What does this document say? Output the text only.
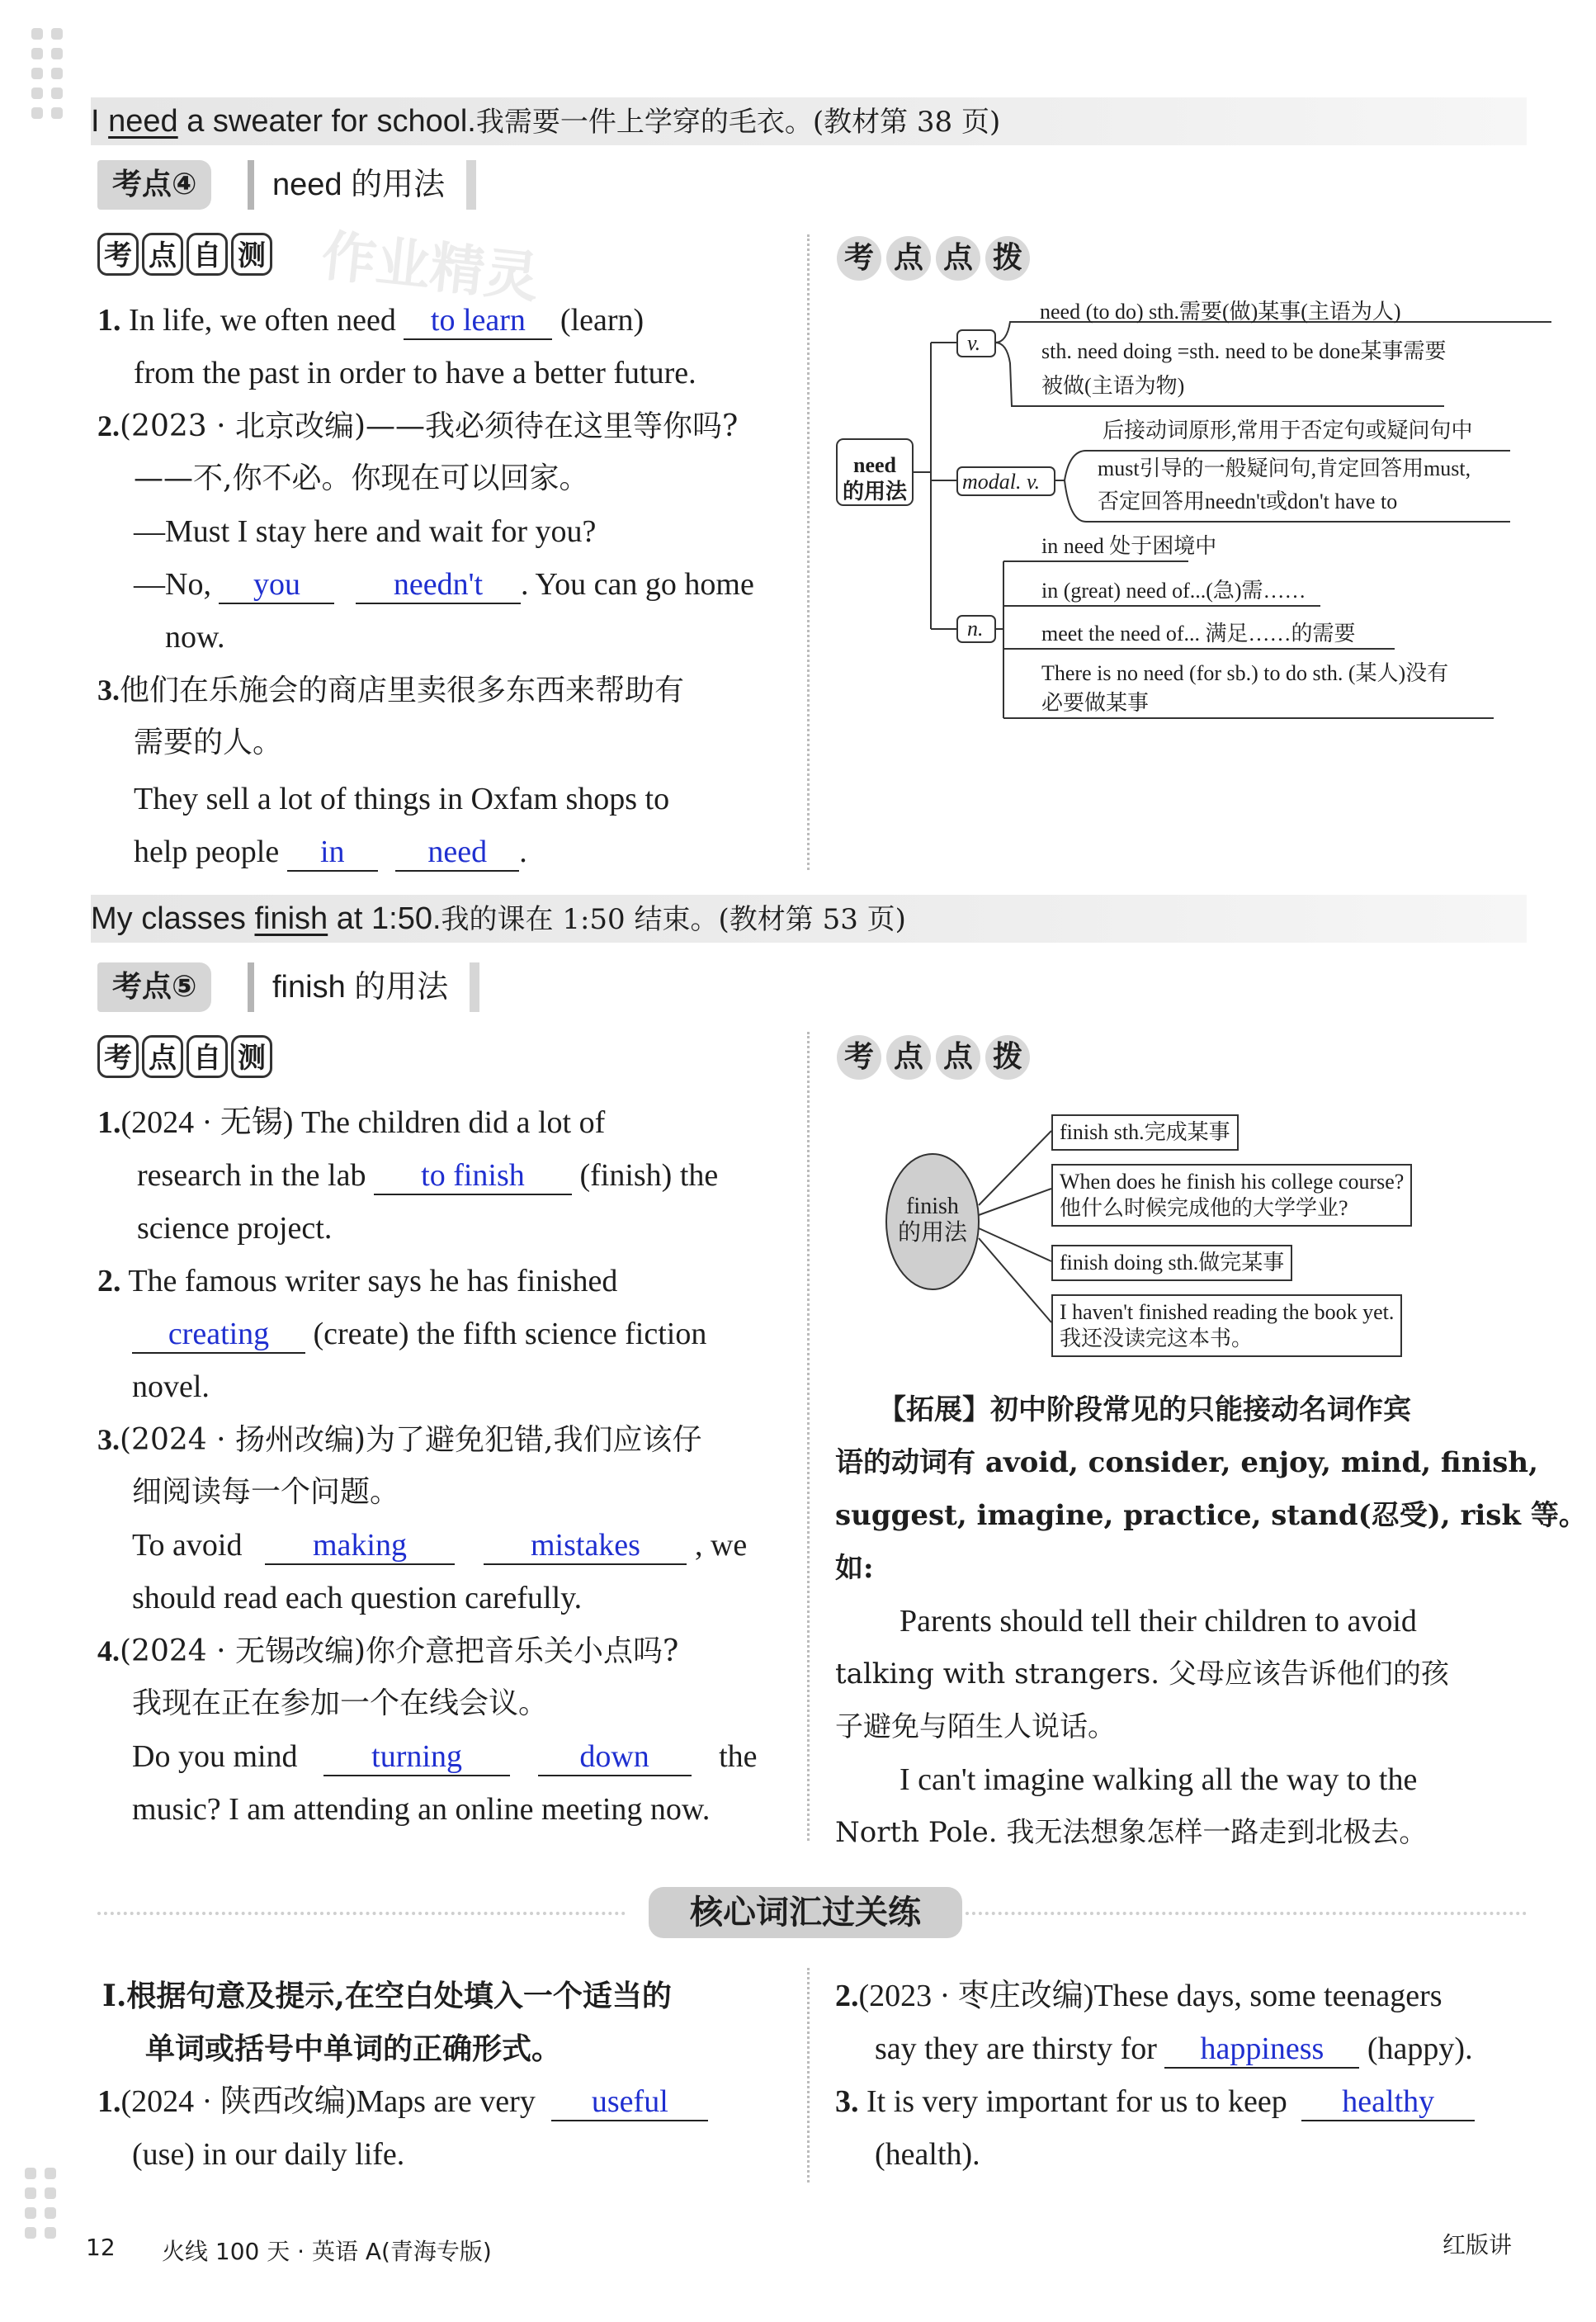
I need a sweater for school.我需要一件上学穿的毛衣。(教材第 38 页)
考点④	need 的用法
考 点 自 测 作业精灵
1. In life, we often need to learn (learn)
from the past in order to have a better future.
2.(2023 · 北京改编)——我必须待在这里等你吗?
——不,你不必。你现在可以回家。
—Must I stay here and wait for you?
—No, you	needn't . You can go home
now.
3.他们在乐施会的商店里卖很多东西来帮助有
需要的人。
They sell a lot of things in Oxfam shops to
help people in	need .
考 点 点 拨
need
的用法
v.
modal. v.
n.
need (to do) sth.需要(做)某事(主语为人)
sth. need doing =sth. need to be done某事需要
被做(主语为物)
后接动词原形,常用于否定句或疑问句中
must引导的一般疑问句,肯定回答用must,
否定回答用needn't或don't have to
in need 处于困境中
in (great) need of...(急)需……
meet the need of... 满足……的需要
There is no need (for sb.) to do sth. (某人)没有
必要做某事
My classes finish at 1:50.我的课在 1:50 结束。(教材第 53 页)
考点⑤	finish 的用法
考 点 自 测
1.(2024 · 无锡) The children did a lot of
research in the lab to finish (finish) the
science project.
2. The famous writer says he has finished
creating (create) the fifth science fiction
novel.
3.(2024 · 扬州改编)为了避免犯错,我们应该仔
细阅读每一个问题。
To avoid making	mistakes , we
should read each question carefully.
4.(2024 · 无锡改编)你介意把音乐关小点吗?
我现在正在参加一个在线会议。
Do you mind turning	down the
music? I am attending an online meeting now.
考 点 点 拨
finish
的用法
finish sth.完成某事
When does he finish his college course?
他什么时候完成他的大学学业?
finish doing sth.做完某事
I haven't finished reading the book yet.
我还没读完这本书。
【拓展】初中阶段常见的只能接动名词作宾
语的动词有 avoid, consider, enjoy, mind, finish,
suggest, imagine, practice, stand(忍受), risk 等。
如:
Parents should tell their children to avoid
talking with strangers. 父母应该告诉他们的孩
子避免与陌生人说话。
I can't imagine walking all the way to the
North Pole. 我无法想象怎样一路走到北极去。
核心词汇过关练
Ⅰ.根据句意及提示,在空白处填入一个适当的
单词或括号中单词的正确形式。
1.(2024 · 陕西改编)Maps are very useful
(use) in our daily life.
2.(2023 · 枣庄改编)These days, some teenagers
say they are thirsty for happiness (happy).
3. It is very important for us to keep healthy
(health).
12 火线 100 天 · 英语 A(青海专版)	红版讲
